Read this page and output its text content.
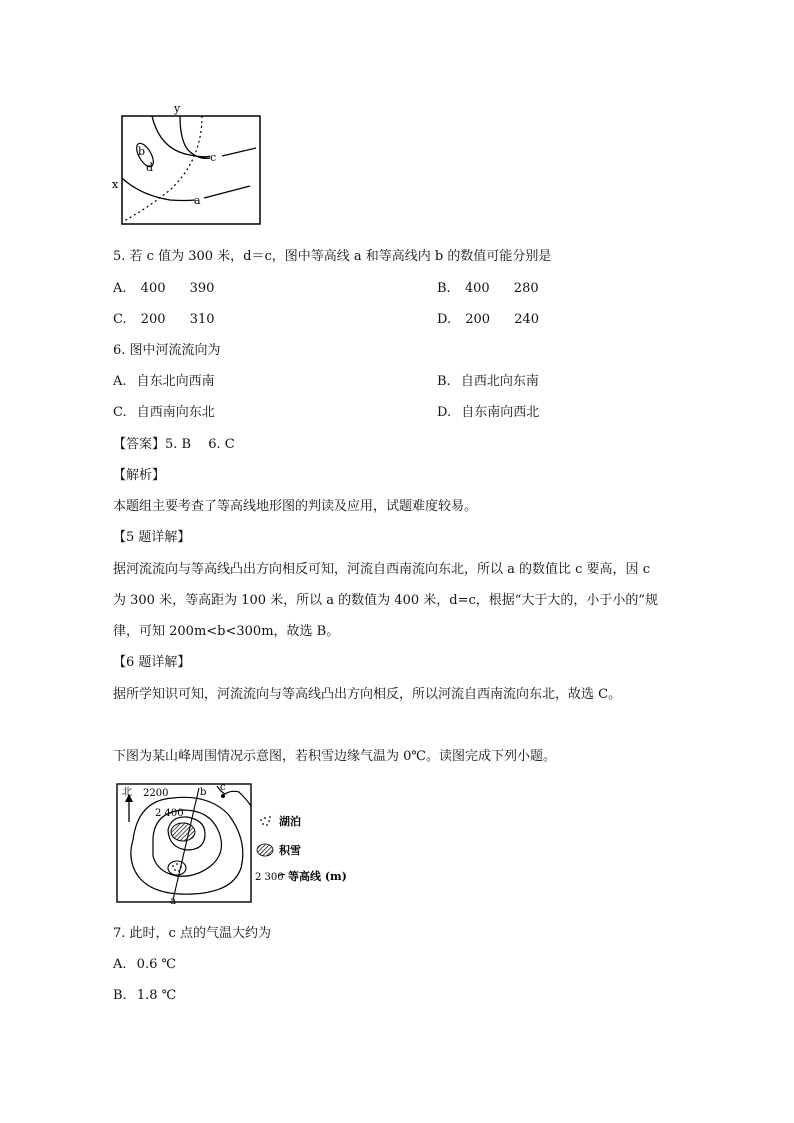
y
x
b
d
c
a
5. 若 c 值为 300 米，d＝c，图中等高线 a 和等高线内 b 的数值可能分别是
A. 400 390	B. 400 280
C. 200 310	D. 200 240
6. 图中河流流向为
A. 自东北向西南	B. 自西北向东南
C. 自西南向东北	D. 自东南向西北
【答案】5. B　 6. C
【解析】
本题组主要考查了等高线地形图的判读及应用，试题难度较易。
【5 题详解】
据河流流向与等高线凸出方向相反可知，河流自西南流向东北，所以 a 的数值比 c 要高，因 c
为 300 米，等高距为 100 米，所以 a 的数值为 400 米，d=c，根据“大于大的，小于小的”规
律，可知 200m<b<300m，故选 B。
【6 题详解】
据所学知识可知，河流流向与等高线凸出方向相反，所以河流自西南流向东北，故选 C。
下图为某山峰周围情况示意图，若积雪边缘气温为 0℃。读图完成下列小题。
北 2200
2 400
b c
a
湖泊
积雪
2 300 等高线 (m)
7. 此时，c 点的气温大约为
A. 0.6 ℃
B. 1.8 ℃
